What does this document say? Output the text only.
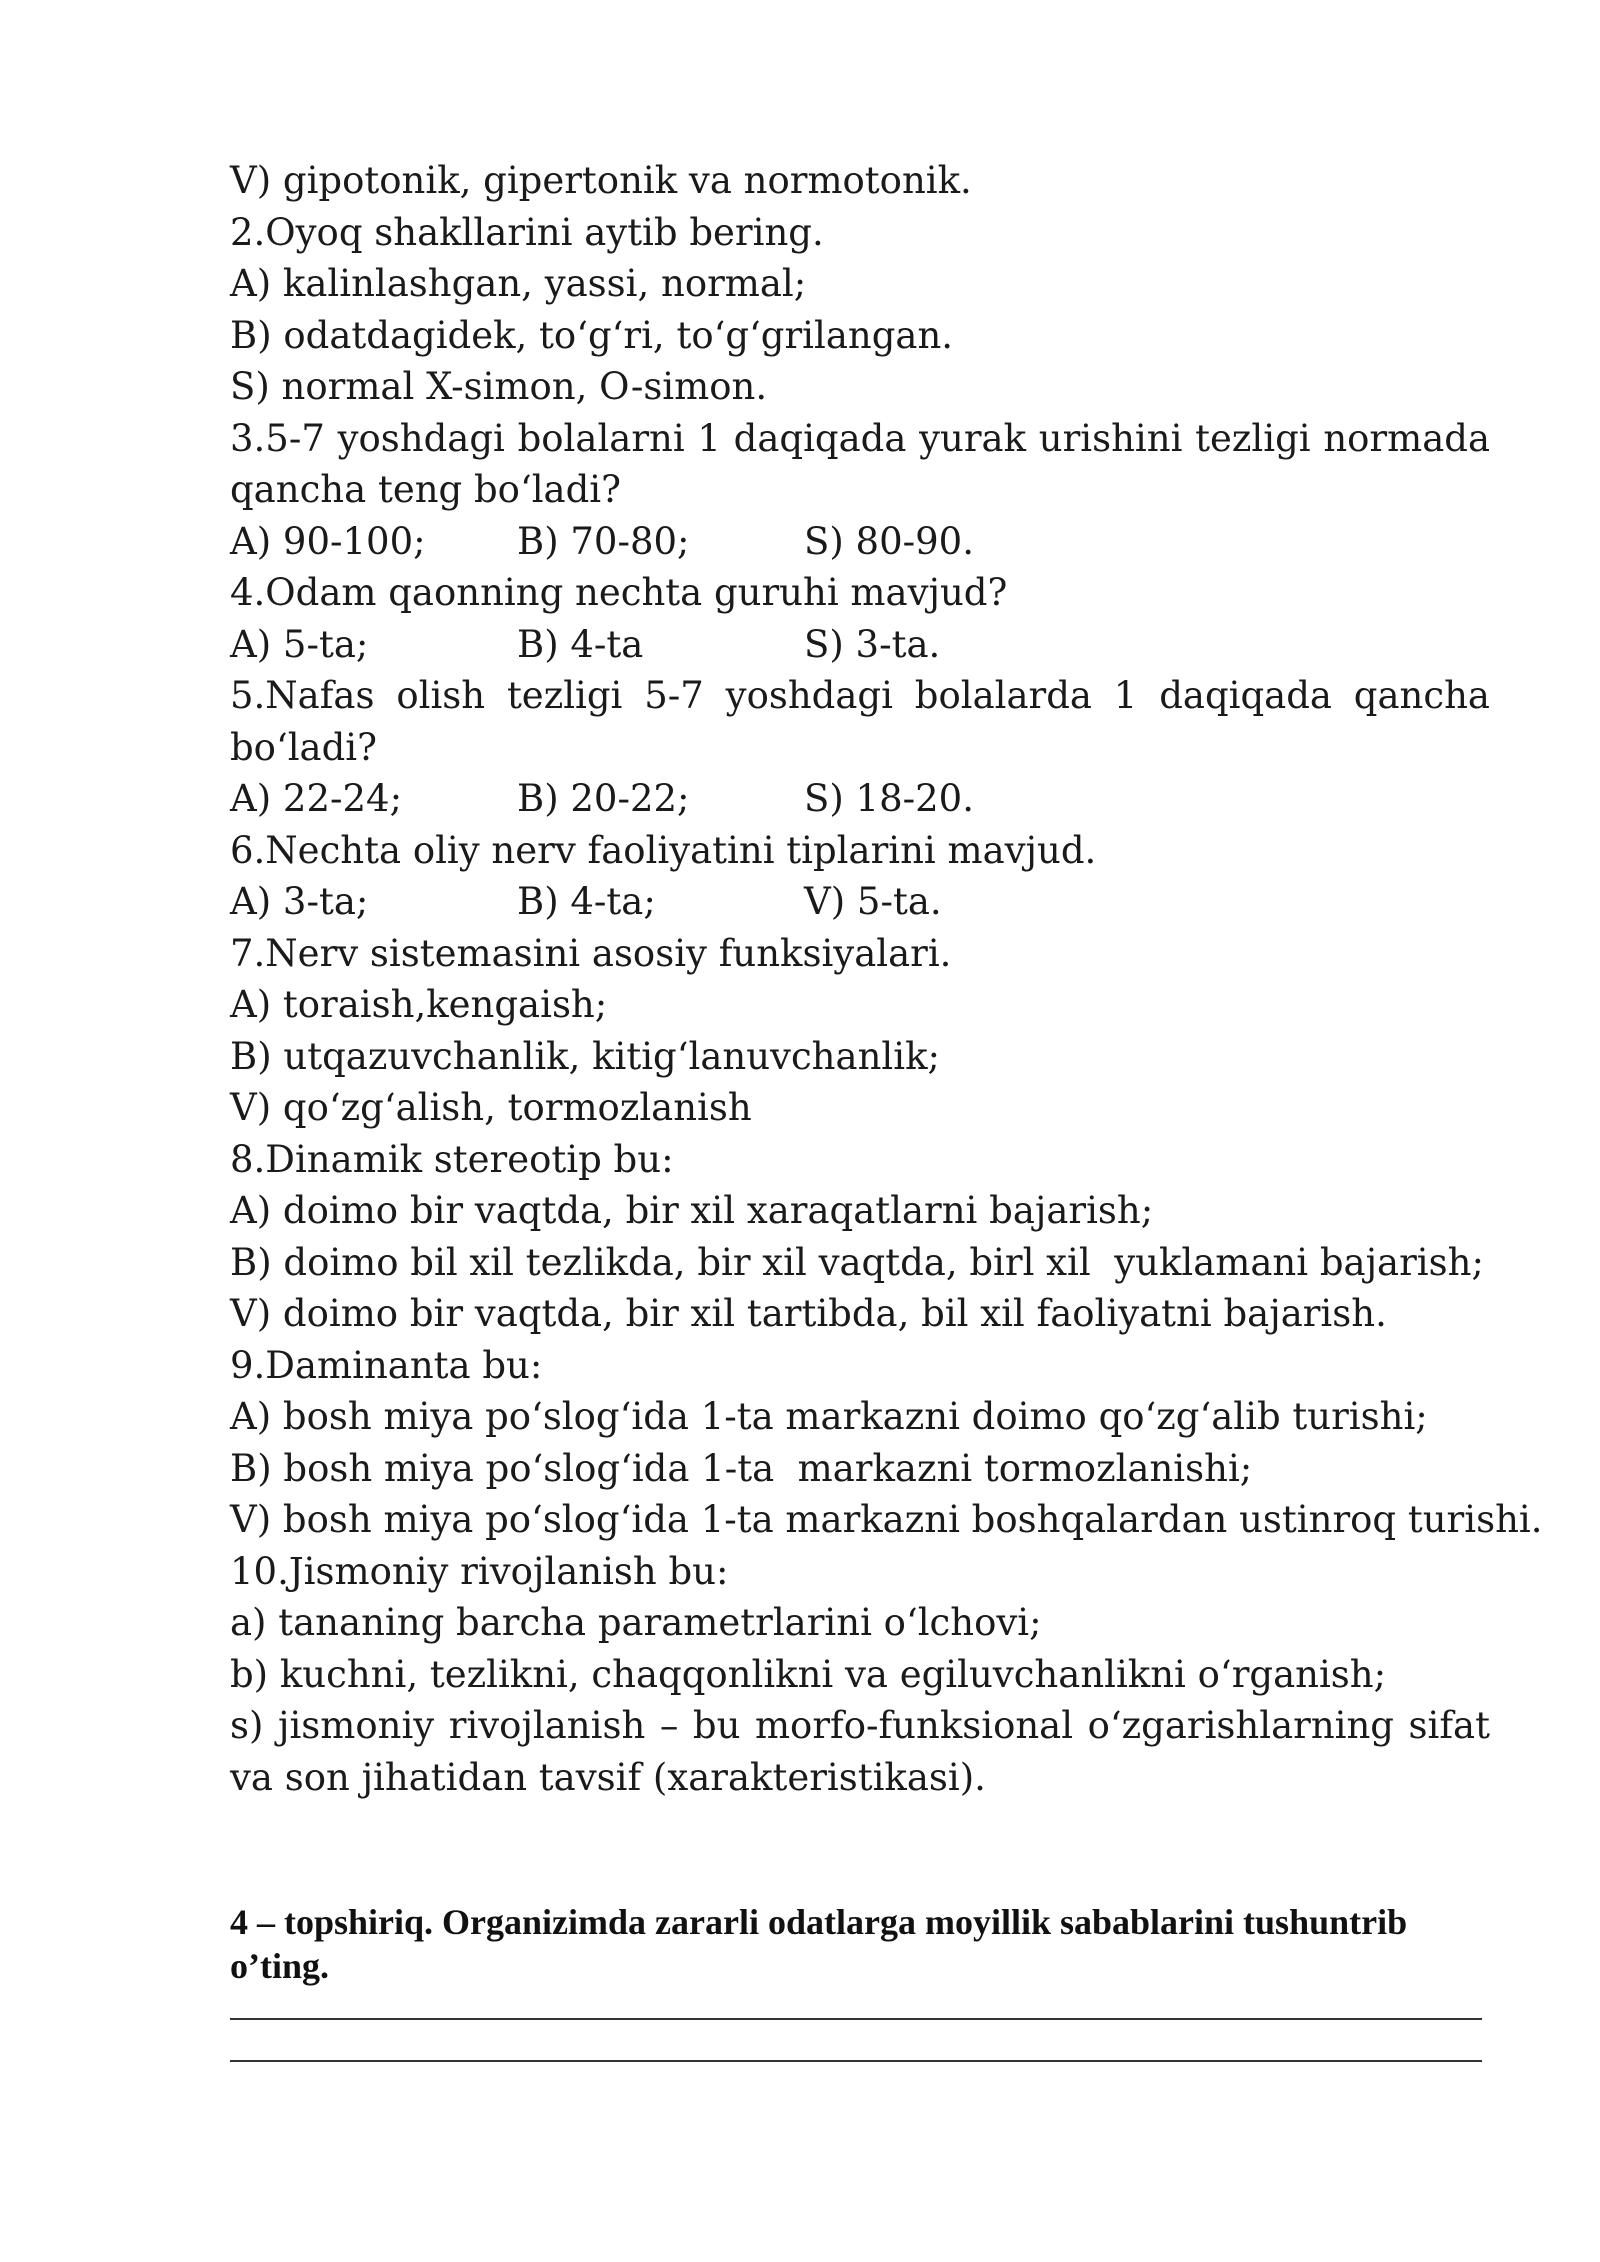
V) gipotonik, gipertonik va normotonik.

2.Oyoq shakllarini aytib bering.

A) kalinlashgan, yassi, normal;

B) odatdagidek, to‘g‘ri, to‘g‘grilangan.

S) normal X-simon, O-simon.

3.5-7 yoshdagi bolalarni 1 daqiqada yurak urishini tezligi normada qancha teng bo‘ladi?

A) 90-100;	B) 70-80;	S) 80-90.

4.Odam qaonning nechta guruhi mavjud?

A) 5-ta;	B) 4-ta	S) 3-ta.

5.Nafas olish tezligi 5-7 yoshdagi bolalarda 1 daqiqada qancha bo‘ladi?

A) 22-24;	B) 20-22;	S) 18-20.

6.Nechta oliy nerv faoliyatini tiplarini mavjud.

A) 3-ta;	B) 4-ta;	V) 5-ta.

7.Nerv sistemasini asosiy funksiyalari.

A) toraish,kengaish;

B) utqazuvchanlik, kitig‘lanuvchanlik;

V) qo‘zg‘alish, tormozlanish

8.Dinamik stereotip bu:

A) doimo bir vaqtda, bir xil xaraqatlarni bajarish;

B) doimo bil xil tezlikda, bir xil vaqtda, birl xil  yuklamani bajarish;

V) doimo bir vaqtda, bir xil tartibda, bil xil faoliyatni bajarish.

9.Daminanta bu:

A) bosh miya po‘slog‘ida 1-ta markazni doimo qo‘zg‘alib turishi;

B) bosh miya po‘slog‘ida 1-ta  markazni tormozlanishi;

V) bosh miya po‘slog‘ida 1-ta markazni boshqalardan ustinroq turishi.

10.Jismoniy rivojlanish bu:

a) tananing barcha parametrlarini o‘lchovi;

b) kuchni, tezlikni, chaqqonlikni va egiluvchanlikni o‘rganish;

s) jismoniy rivojlanish – bu morfo-funksional o‘zgarishlarning sifat va son jihatidan tavsif (xarakteristikasi).

4 – topshiriq. Organizimda zararli odatlarga moyillik sabablarini tushuntrib o’ting.
